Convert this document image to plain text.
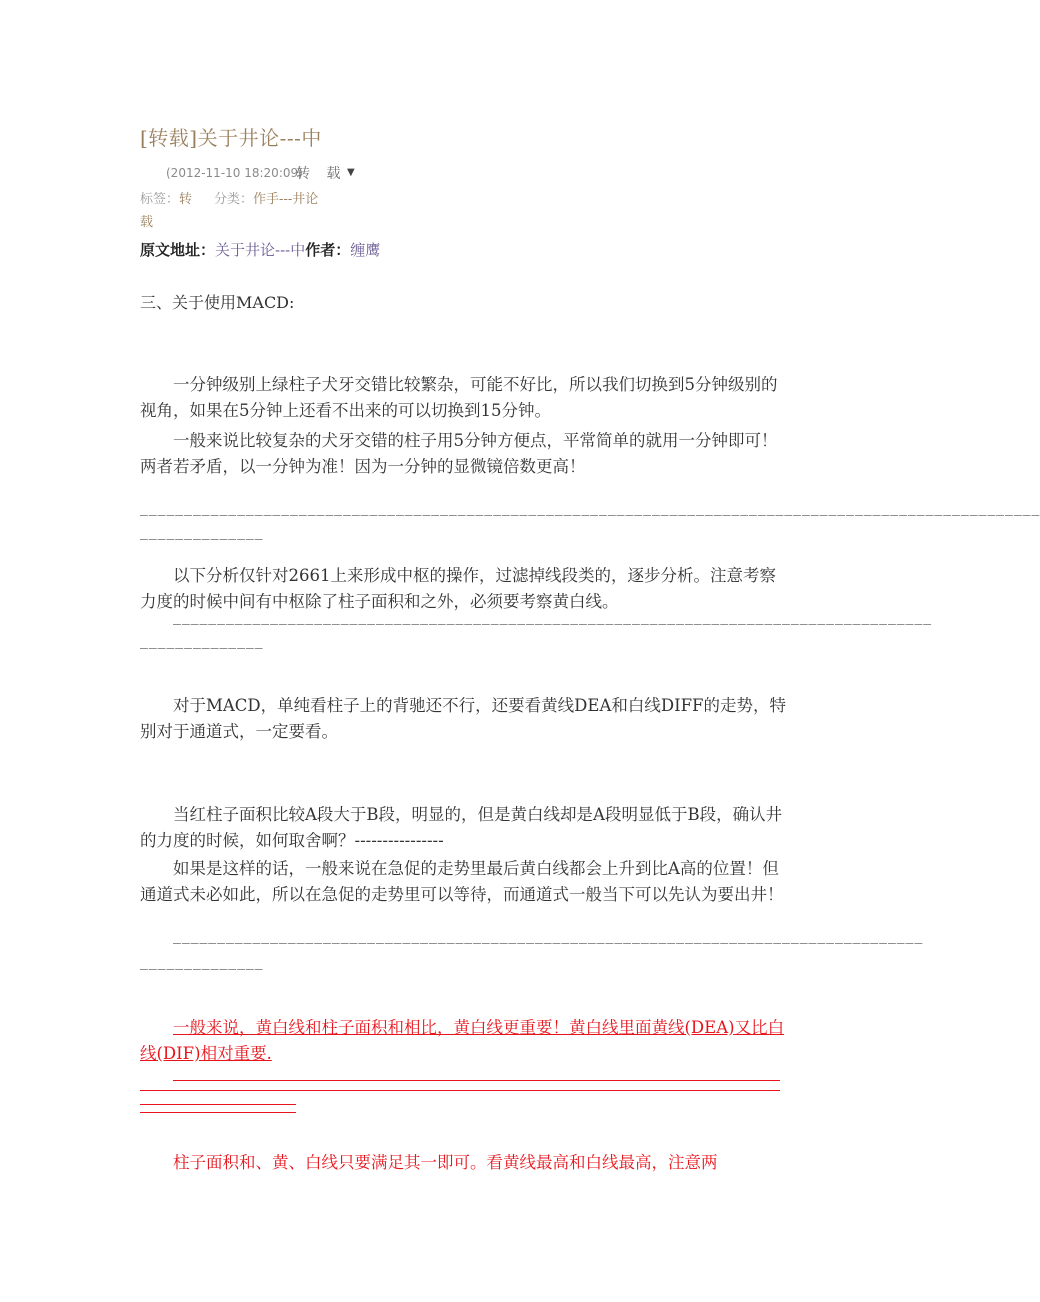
[转载]关于井论---中
(2012-11-10 18:20:09)
转 载 ▼
标签：转 分类：作手---井论
载
原文地址：关于井论---中作者：缠鹰
三、关于使用MACD:
一分钟级别上绿柱子犬牙交错比较繁杂，可能不好比，所以我们切换到5分钟级别的视角，如果在5分钟上还看不出来的可以切换到15分钟。
一般来说比较复杂的犬牙交错的柱子用5分钟方便点，平常简单的就用一分钟即可！两者若矛盾，以一分钟为准！因为一分钟的显微镜倍数更高！
——————————————————————————————————————————————————————————————————————————————————————————————————————
——————————————
以下分析仅针对2661上来形成中枢的操作，过滤掉线段类的，逐步分析。注意考察力度的时候中间有中枢除了柱子面积和之外，必须要考察黄白线。
——————————————————————————————————————————————————————————————————————————————————————
——————————————
对于MACD，单纯看柱子上的背驰还不行，还要看黄线DEA和白线DIFF的走势，特别对于通道式，一定要看。
当红柱子面积比较A段大于B段，明显的，但是黄白线却是A段明显低于B段，确认井的力度的时候，如何取舍啊？----------------
如果是这样的话，一般来说在急促的走势里最后黄白线都会上升到比A高的位置！但通道式未必如此，所以在急促的走势里可以等待，而通道式一般当下可以先认为要出井！
—————————————————————————————————————————————————————————————————————————————————————
——————————————
一般来说，黄白线和柱子面积和相比，黄白线更重要！黄白线里面黄线(DEA)又比白线(DIF)相对重要.
柱子面积和、黄、白线只要满足其一即可。看黄线最高和白线最高，注意两
